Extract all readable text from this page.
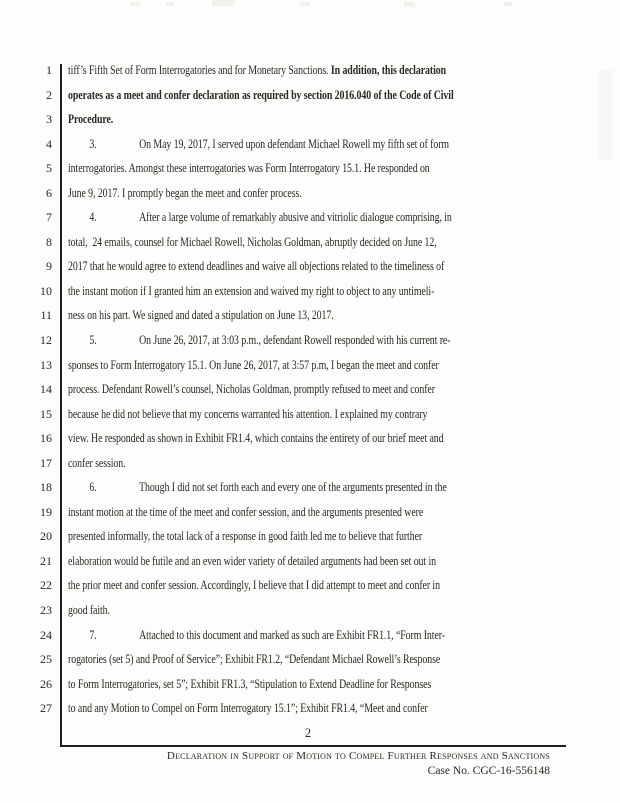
1 tiff’s Fifth Set of Form Interrogatories and for Monetary Sanctions. In addition, this declaration
2 operates as a meet and confer declaration as required by section 2016.040 of the Code of Civil
3 Procedure.
4	3.	On May 19, 2017, I served upon defendant Michael Rowell my fifth set of form
5 interrogatories. Amongst these interrogatories was Form Interrogatory 15.1. He responded on
6 June 9, 2017. I promptly began the meet and confer process.
7	4.	After a large volume of remarkably abusive and vitriolic dialogue comprising, in
8 total,  24 emails, counsel for Michael Rowell, Nicholas Goldman, abruptly decided on June 12,
9 2017 that he would agree to extend deadlines and waive all objections related to the timeliness of
10 the instant motion if I granted him an extension and waived my right to object to any untimeli-
11 ness on his part. We signed and dated a stipulation on June 13, 2017.
12	5.	On June 26, 2017, at 3:03 p.m., defendant Rowell responded with his current re-
13 sponses to Form Interrogatory 15.1. On June 26, 2017, at 3:57 p.m, I began the meet and confer
14 process. Defendant Rowell’s counsel, Nicholas Goldman, promptly refused to meet and confer
15 because he did not believe that my concerns warranted his attention. I explained my contrary
16 view. He responded as shown in Exhibit FR1.4, which contains the entirety of our brief meet and
17 confer session.
18	6.	Though I did not set forth each and every one of the arguments presented in the
19 instant motion at the time of the meet and confer session, and the arguments presented were
20 presented informally, the total lack of a response in good faith led me to believe that further
21 elaboration would be futile and an even wider variety of detailed arguments had been set out in
22 the prior meet and confer session. Accordingly, I believe that I did attempt to meet and confer in
23 good faith.
24	7.	Attached to this document and marked as such are Exhibit FR1.1, “Form Inter-
25 rogatories (set 5) and Proof of Service”; Exhibit FR1.2, “Defendant Michael Rowell’s Response
26 to Form Interrogatories, set 5”; Exhibit FR1.3, “Stipulation to Extend Deadline for Responses
27 to and any Motion to Compel on Form Interrogatory 15.1”; Exhibit FR1.4, “Meet and confer
2
Declaration in Support of Motion to Compel Further Responses and Sanctions
Case No. CGC-16-556148
